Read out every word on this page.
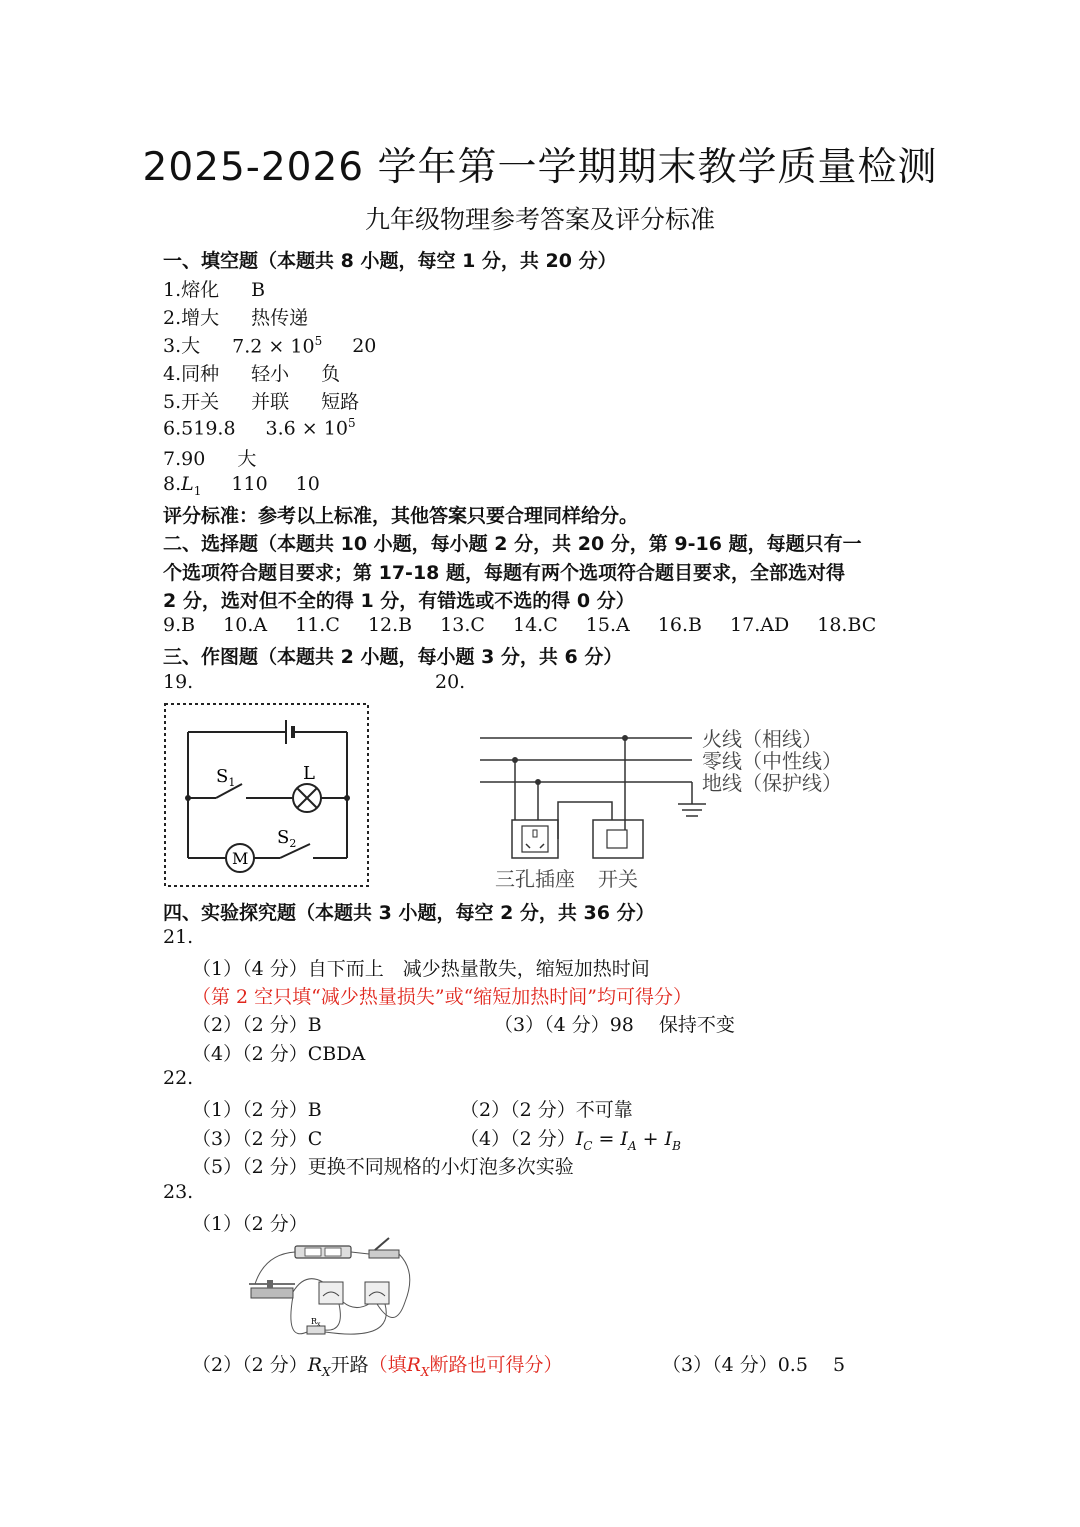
2025-2026 学年第一学期期末教学质量检测
九年级物理参考答案及评分标准
一、填空题（本题共 8 小题，每空 1 分，共 20 分）
1.熔化 B
2.增大 热传递
3.大 $7.2 \times 10^5$ 20
4.同种 轻小 负
5.开关 并联 短路
6.519.8 $3.6 \times 10^5$
7.90 大
$8.L_1$ 110 10
评分标准：参考以上标准，其他答案只要合理同样给分。
二、选择题（本题共 10 小题，每小题 2 分，共 20 分，第 9-16 题，每题只有一
个选项符合题目要求；第 17-18 题，每题有两个选项符合题目要求，全部选对得
2 分，选对但不全的得 1 分，有错选或不选的得 0 分）
9.B 10.A 11.C 12.B 13.C 14.C 15.A 16.B 17.AD 18.BC
三、作图题（本题共 2 小题，每小题 3 分，共 6 分）
19.	20.
$S_1$	L
M
$S_2$
火线（相线）
零线（中性线）
地线（保护线）
三孔插座 开关
四、实验探究题（本题共 3 小题，每空 2 分，共 36 分）
21.
（1）（4 分）自下而上　减少热量散失，缩短加热时间
（第 2 空只填“减少热量损失”或“缩短加热时间”均可得分）
（2）（2 分）B	（3）（4 分）98　 保持不变
（4）（2 分）CBDA
22.
（1）（2 分）B	（2）（2 分）不可靠
（3）（2 分）C	（4）（2 分）$I_C = I_A + I_B$
（5）（2 分）更换不同规格的小灯泡多次实验
23.
（1）（2 分）
$R_x$
（2）（2 分）$R_X$开路（填$R_X$断路也可得分）	（3）（4 分）0.5　 5
